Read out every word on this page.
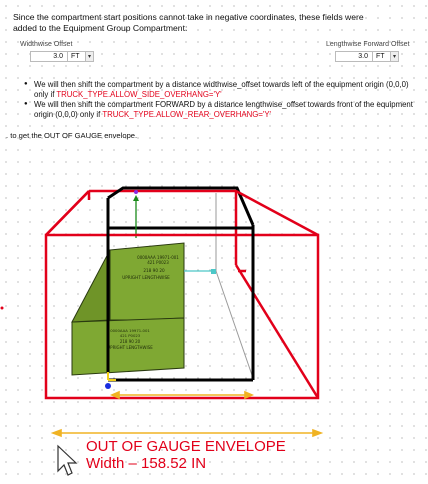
Since the compartment start positions cannot take in negative coordinates, these fields were
added to the Equipment Group Compartment:
Widthwise Offset
3.0	FT	▾
Lengthwise Forward Offset
3.0	FT	▾
● We will then shift the compartment by a distance widthwise_offset towards left of the equipment origin (0,0,0) only if TRUCK_TYPE.ALLOW_SIDE_OVERHANG='Y'
● We will then shift the compartment FORWARD by a distance lengthwise_offset towards front of the equipment origin (0,0,0) only if TRUCK_TYPE.ALLOW_REAR_OVERHANG='Y'
. to get the OUT OF GAUGE envelope.
0000AAA 19971-001
421 P0023
218 90 20
UPRIGHT LENGTHWISE
0000AAA 19971-001
421 P0023
218 90 20
UPRIGHT LENGTHWISE
OUT OF GAUGE ENVELOPE
Width – 158.52 IN
